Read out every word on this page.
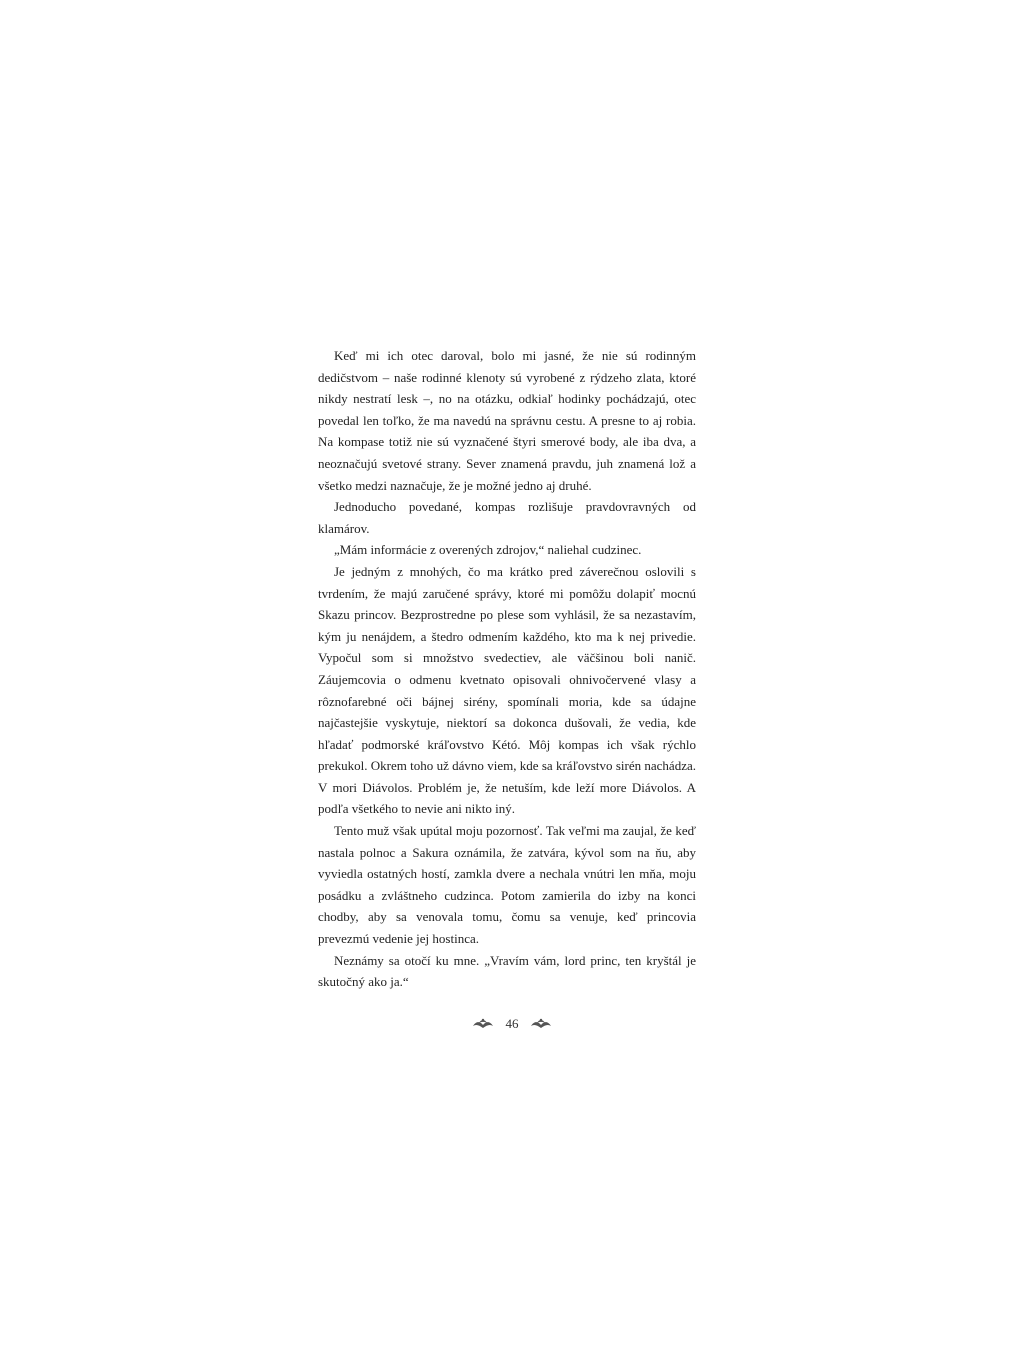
Keď mi ich otec daroval, bolo mi jasné, že nie sú rodinným dedičstvom – naše rodinné klenoty sú vyrobené z rýdzeho zlata, ktoré nikdy nestratí lesk –, no na otázku, odkiaľ hodinky pochádzajú, otec povedal len toľko, že ma navedú na správnu cestu. A presne to aj robia. Na kompase totiž nie sú vyznačené štyri smerové body, ale iba dva, a neoznačujú svetové strany. Sever znamená pravdu, juh znamená lož a všetko medzi naznačuje, že je možné jedno aj druhé.

Jednoducho povedané, kompas rozlišuje pravdovravných od klamárov.

„Mám informácie z overených zdrojov,“ naliehal cudzinec.

Je jedným z mnohých, čo ma krátko pred záverečnou oslovili s tvrdením, že majú zaručené správy, ktoré mi pomôžu dolapiť mocnú Skazu princov. Bezprostredne po plese som vyhlásil, že sa nezastavím, kým ju nenájdem, a štedro odmením každého, kto ma k nej privedie. Vypočul som si množstvo svedectiev, ale väčšinou boli nanič. Záujemcovia o odmenu kvetnato opisovali ohnivočervené vlasy a rôznofarebné oči bájnej sirény, spomínali moria, kde sa údajne najčastejšie vyskytuje, niektorí sa dokonca dušovali, že vedia, kde hľadať podmorské kráľovstvo Kétó. Môj kompas ich však rýchlo prekukol. Okrem toho už dávno viem, kde sa kráľovstvo sirén nachádza. V mori Diávolos. Problém je, že netuším, kde leží more Diávolos. A podľa všetkého to nevie ani nikto iný.

Tento muž však upútal moju pozornosť. Tak veľmi ma zaujal, že keď nastala polnoc a Sakura oznámila, že zatvára, kývol som na ňu, aby vyviedla ostatných hostí, zamkla dvere a nechala vnútri len mňa, moju posádku a zvláštneho cudzinca. Potom zamierila do izby na konci chodby, aby sa venovala tomu, čomu sa venuje, keď princovia prevezmú vedenie jej hostinca.

Neznámy sa otočí ku mne. „Vravím vám, lord princ, ten kryštál je skutočný ako ja.“

46
